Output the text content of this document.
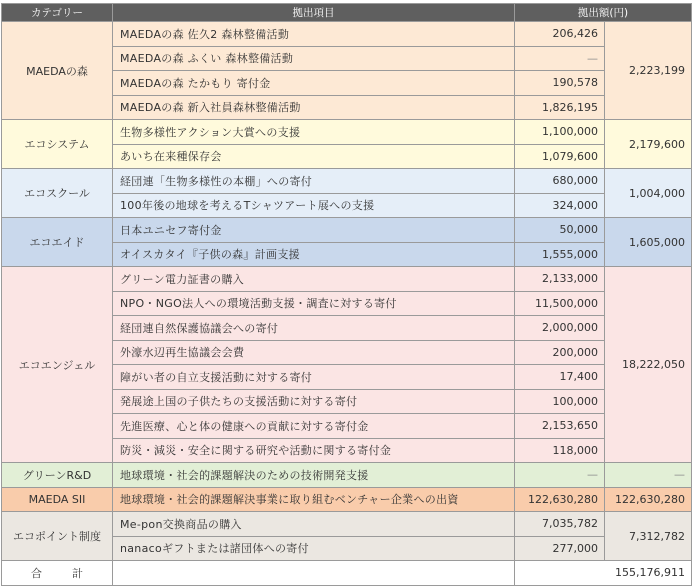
カテゴリー	拠出項目	拠出額(円)	
MAEDAの森	MAEDAの森 佐久2 森林整備活動	206,426	2,223,199
	MAEDAの森 ふくい 森林整備活動	—	
	MAEDAの森 たかもり 寄付金	190,578	
	MAEDAの森 新入社員森林整備活動	1,826,195	
エコシステム	生物多様性アクション大賞への支援	1,100,000	2,179,600
	あいち在来種保存会	1,079,600	
エコスクール	経団連「生物多様性の本棚」への寄付	680,000	1,004,000
	100年後の地球を考えるTシャツアート展への支援	324,000	
エコエイド	日本ユニセフ寄付金	50,000	1,605,000
	オイスカタイ『子供の森』計画支援	1,555,000	
エコエンジェル	グリーン電力証書の購入	2,133,000	18,222,050
	NPO・NGO法人への環境活動支援・調査に対する寄付	11,500,000	
	経団連自然保護協議会への寄付	2,000,000	
	外濠水辺再生協議会会費	200,000	
	障がい者の自立支援活動に対する寄付	17,400	
	発展途上国の子供たちの支援活動に対する寄付	100,000	
	先進医療、心と体の健康への貢献に対する寄付金	2,153,650	
	防災・減災・安全に関する研究や活動に関する寄付金	118,000	
グリーンR&D	地球環境・社会的課題解決のための技術開発支援	—	—
MAEDA SII	地球環境・社会的課題解決事業に取り組むベンチャー企業への出資	122,630,280	122,630,280
エコポイント制度	Me-pon交換商品の購入	7,035,782	7,312,782
	nanacoギフトまたは諸団体への寄付	277,000	
合 計		155,176,911	
